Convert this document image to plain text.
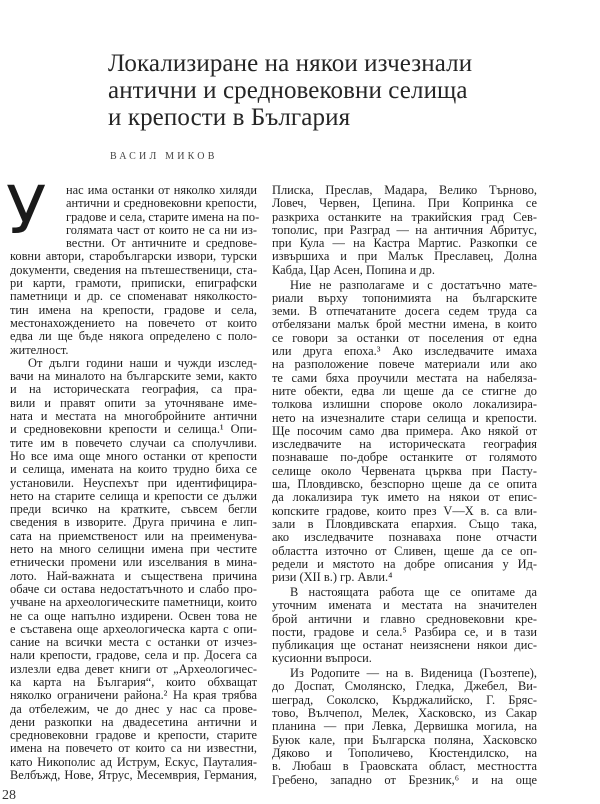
Локализиране на някои изчезнали
антични и средновековни селища
и крепости в България
ВАСИЛ МИКОВ
У	нас има останки от няколко хиляди
антични и средновековни крепости,
градове и села, старите имена на по-
голямата част от които не са ни из-
вестни. От античните и средnове-
ковни автори, старобългарски извори, турски
документи, сведения на пътешественици, ста-
ри карти, грамоти, приписки, епиграфски
паметници и др. се споменават няколкосто-
тин имена на крепости, градове и села,
местонахождението на повечето от които
едва ли ще бъде някога определено с поло-
жителност.
От дълги години наши и чужди изслед-
вачи на миналото на българските земи, както
и на историческата география, са пра-
вили и правят опити за уточняване име-
ната и местата на многобройните антични
и средновековни крепости и селища.¹ Опи-
тите им в повечето случаи са сполучливи.
Но все има още много останки от крепости
и селища, имената на които трудно биха се
установили. Неуспехът при идентифицира-
нето на старите селища и крепости се дължи
преди всичко на кратките, съвсем бегли
сведения в изворите. Друга причина е лип-
сата на приемственост или на преименува-
нето на много селищни имена при честите
етнически промени или изселвания в мина-
лото. Най-важната и съществена причина
обаче си остава недостатъчното и слабо про-
учване на археологическите паметници, които
не са още напълно издирени. Освен това не
е съставена още археологическа карта с опи-
сание на всички места с останки от изчез-
нали крепости, градове, села и пр. Досега са
излезли едва девет книги от „Археологичес-
ка карта на България“, които обхващат
няколко ограничени района.² На края трябва
да отбележим, че до днес у нас са прове-
дени разкопки на двадесетина антични и
средновековни градове и крепости, старите
имена на повечето от които са ни известни,
като Никополис ад Иструм, Ескус, Пауталия-
Велбъжд, Нове, Ятрус, Месемврия, Германия,
Плиска, Преслав, Мадара, Велико Търново,
Ловеч, Червен, Цепина. При Копринка се
разкриха останките на тракийския град Сев-
тополис, при Разград — на античния Абритус,
при Кула — на Кастра Мартис. Разкопки се
извършиха и при Малък Преславец, Долна
Кабда, Цар Асен, Попина и др.
Ние не разполагаме и с достатъчно мате-
риали върху топонимията на българските
земи. В отпечатаните досега седем труда са
отбелязани малък брой местни имена, в които
се говори за останки от поселения от една
или друга епоха.³ Ако изследвачите имаха
на разположение повече материали или ако
те сами бяха проучили местата на набеляза-
ните обекти, едва ли щеше да се стигне до
толкова излишни спорове около локализира-
нето на изчезналите стари селища и крепости.
Ще посочим само два примера. Ако някой от
изследвачите на историческата география
познаваше по-добре останките от голямото
селище около Червената църква при Пасту-
ша, Пловдивско, безспорно щеше да се опита
да локализира тук името на някои от епис-
копските градове, които през V—X в. са вли-
зали в Пловдивската епархия. Също така,
ако изследвачите познаваха поне отчасти
областта източно от Сливен, щеше да се оп-
редели и мястото на добре описания у Ид-
ризи (XII в.) гр. Авли.⁴
В настоящата работа ще се опитаме да
уточним имената и местата на значителен
брой антични и главно средновековни кре-
пости, градове и села.⁵ Разбира се, и в тази
публикация ще останат неизяснени някои дис-
кусионни въпроси.
Из Родопите — на в. Виденица (Гьозтепе),
до Доспат, Смолянско, Гледка, Джебел, Ви-
шеград, Соколско, Кърджалийско, Г. Бряс-
тово, Вълчепол, Мелек, Хасковско, из Сакар
планина — при Левка, Дервишка могила, на
Буюк кале, при Българска поляна, Хасковско
Дяково и Тополичево, Кюстендилско, на
в. Любаш в Граовската област, местността
Гребено, западно от Брезник,⁶ и на още
28
